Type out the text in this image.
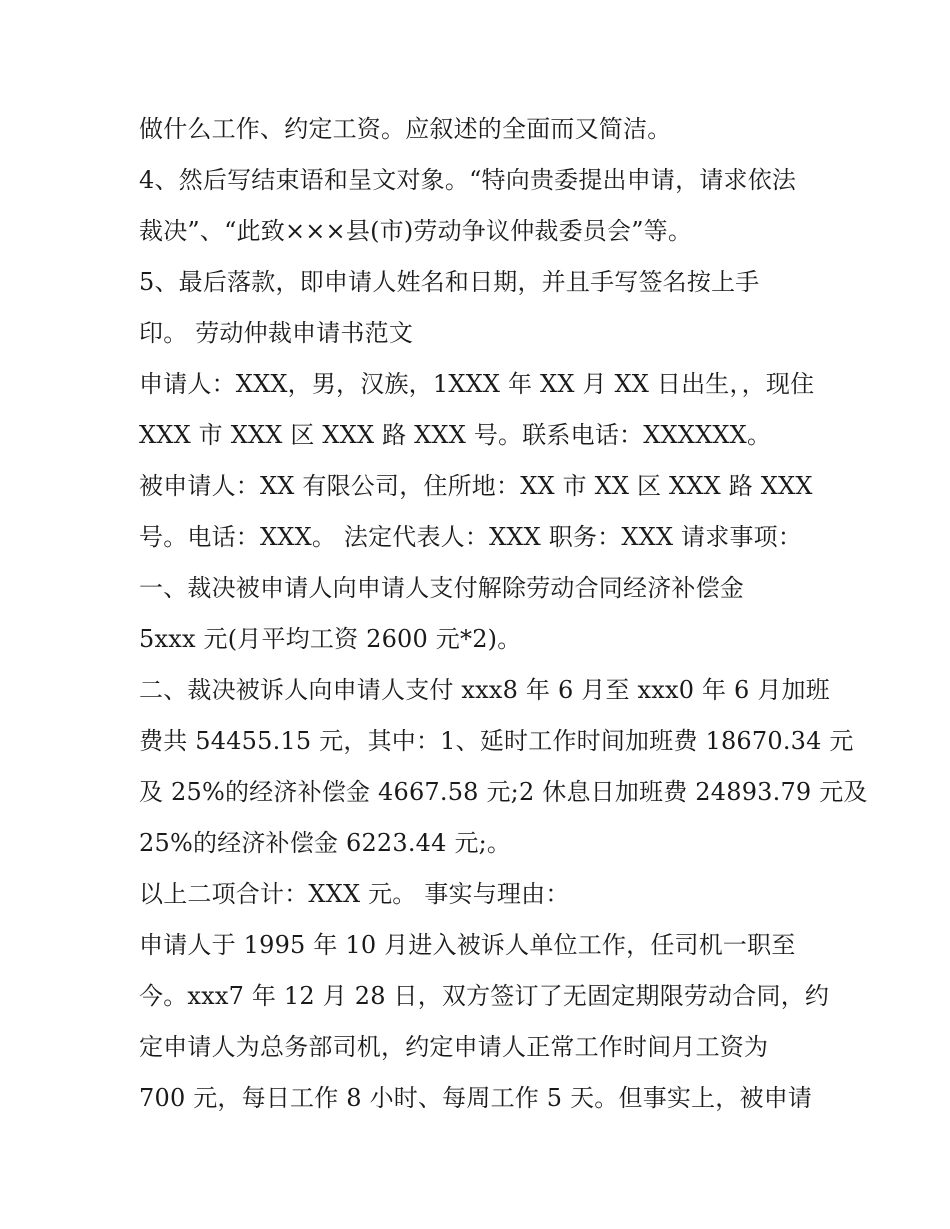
做什么工作、约定工资。应叙述的全面而又简洁。
4、然后写结束语和呈文对象。“特向贵委提出申请，请求依法
裁决”、“此致×××县(市)劳动争议仲裁委员会”等。
5、最后落款，即申请人姓名和日期，并且手写签名按上手
印。 劳动仲裁申请书范文
申请人：XXX，男，汉族，1XXX 年 XX 月 XX 日出生，，现住
XXX 市 XXX 区 XXX 路 XXX 号。联系电话：XXXXXX。
被申请人：XX 有限公司，住所地：XX 市 XX 区 XXX 路 XXX
号。电话：XXX。 法定代表人：XXX 职务：XXX 请求事项：
一、裁决被申请人向申请人支付解除劳动合同经济补偿金
5xxx 元(月平均工资 2600 元*2)。
二、裁决被诉人向申请人支付 xxx8 年 6 月至 xxx0 年 6 月加班
费共 54455.15 元，其中：1、延时工作时间加班费 18670.34 元
及 25%的经济补偿金 4667.58 元;2 休息日加班费 24893.79 元及
25%的经济补偿金 6223.44 元;。
以上二项合计：XXX 元。 事实与理由：
申请人于 1995 年 10 月进入被诉人单位工作，任司机一职至
今。xxx7 年 12 月 28 日，双方签订了无固定期限劳动合同，约
定申请人为总务部司机，约定申请人正常工作时间月工资为
700 元，每日工作 8 小时、每周工作 5 天。但事实上，被申请
